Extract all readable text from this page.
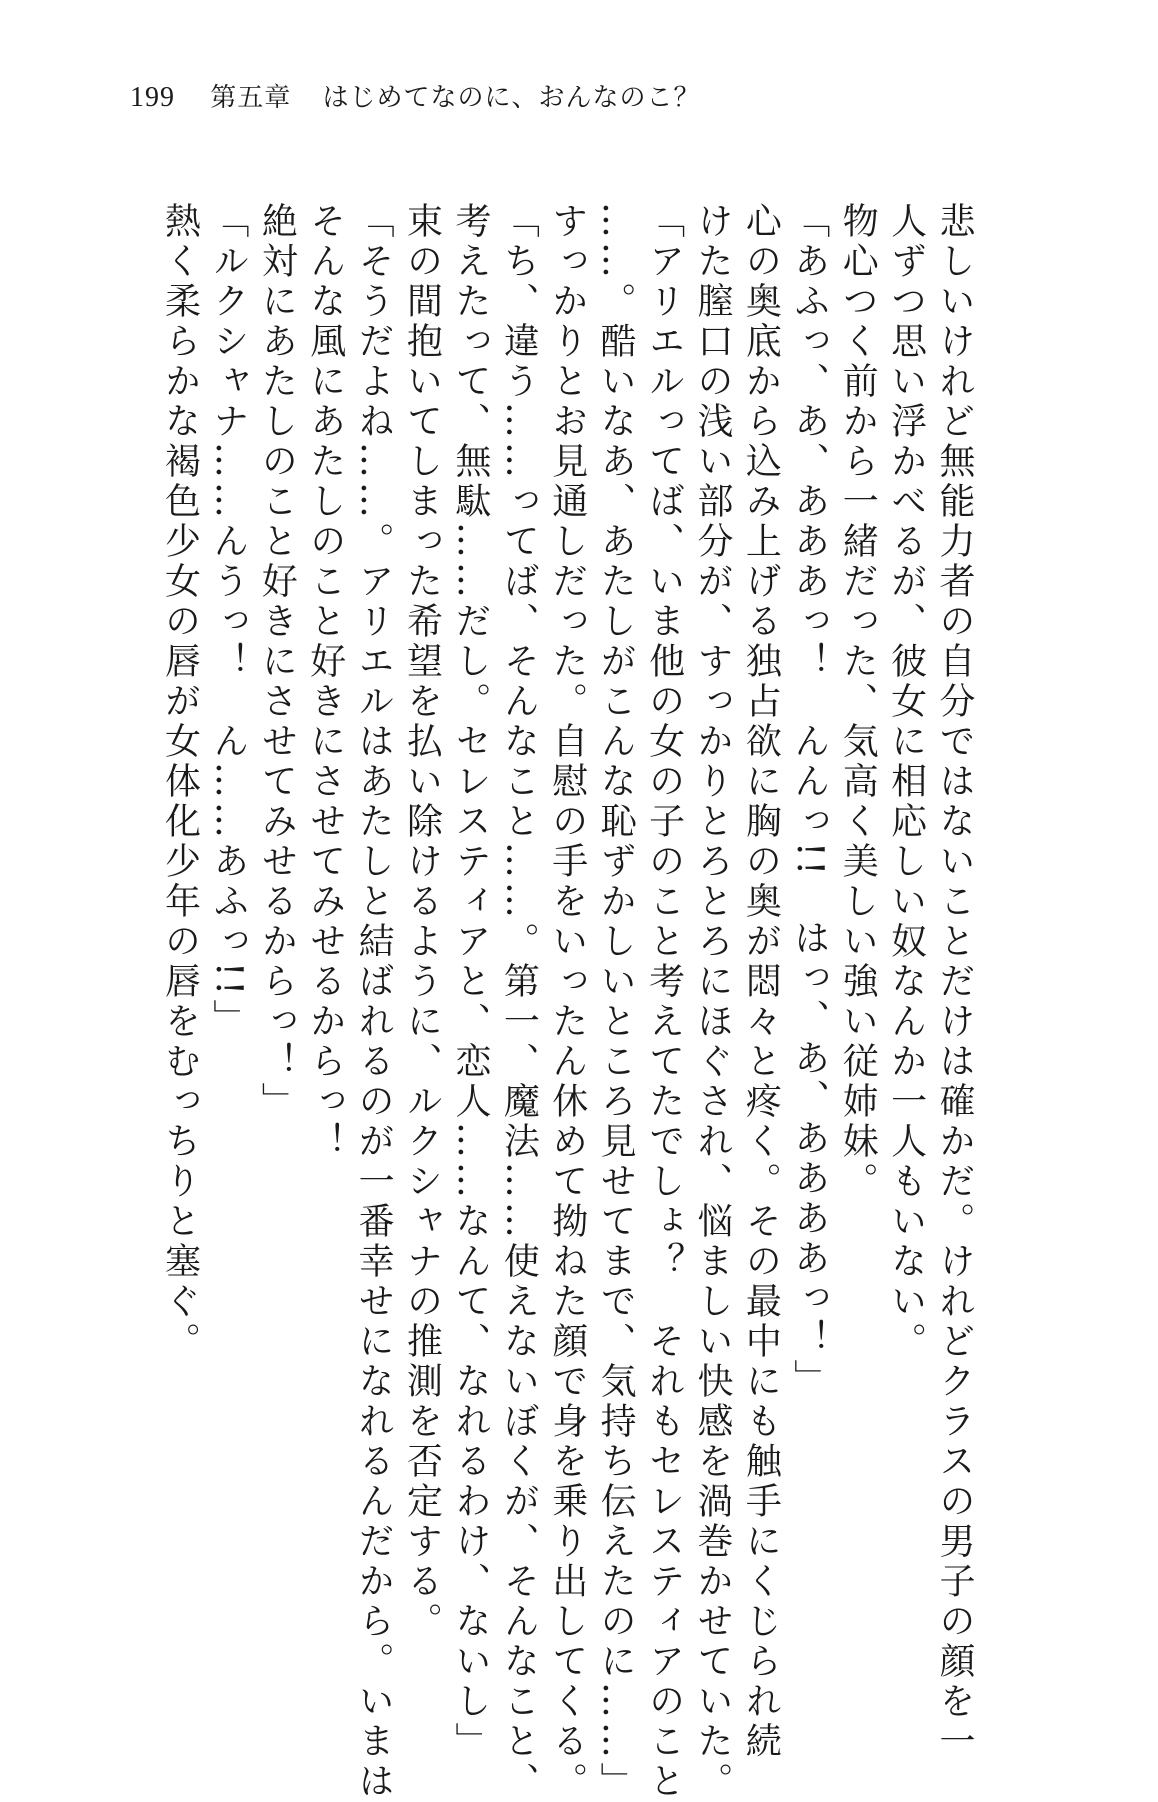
199 第五章 はじめてなのに、おんなのこ？

悲しいけれど無能力者の自分ではないことだけは確かだ。けれどクラスの男子の顔を一

人ずつ思い浮かべるが、彼女に相応しい奴なんか一人もいない。

物心つく前から一緒だった、気高く美しい強い従姉妹。

「あふっ、あ、あああっ！　んんっ!!　はっ、あ、ああああっ！」

心の奥底から込み上げる独占欲に胸の奥が悶々と疼く。その最中にも触手にくじられ続

けた膣口の浅い部分が、すっかりとろとろにほぐされ、悩ましい快感を渦巻かせていた。

「アリエルってば、いま他の女の子のこと考えてたでしょ？　それもセレスティアのこと

……。酷いなあ、あたしがこんな恥ずかしいところ見せてまで、気持ち伝えたのに……」

すっかりとお見通しだった。自慰の手をいったん休めて拗ねた顔で身を乗り出してくる。

「ち、違う……ってば、そんなこと……。第一、魔法……使えないぼくが、そんなこと、

考えたって、無駄……だし。セレスティアと、恋人……なんて、なれるわけ、ないし」

束の間抱いてしまった希望を払い除けるように、ルクシャナの推測を否定する。

「そうだよね……。アリエルはあたしと結ばれるのが一番幸せになれるんだから。いまは

そんな風にあたしのこと好きにさせてみせるからっ！

絶対にあたしのこと好きにさせてみせるからっ！」

「ルクシャナ……んうっ！　ん……あふっ!!」

熱く柔らかな褐色少女の唇が女体化少年の唇をむっちりと塞ぐ。
